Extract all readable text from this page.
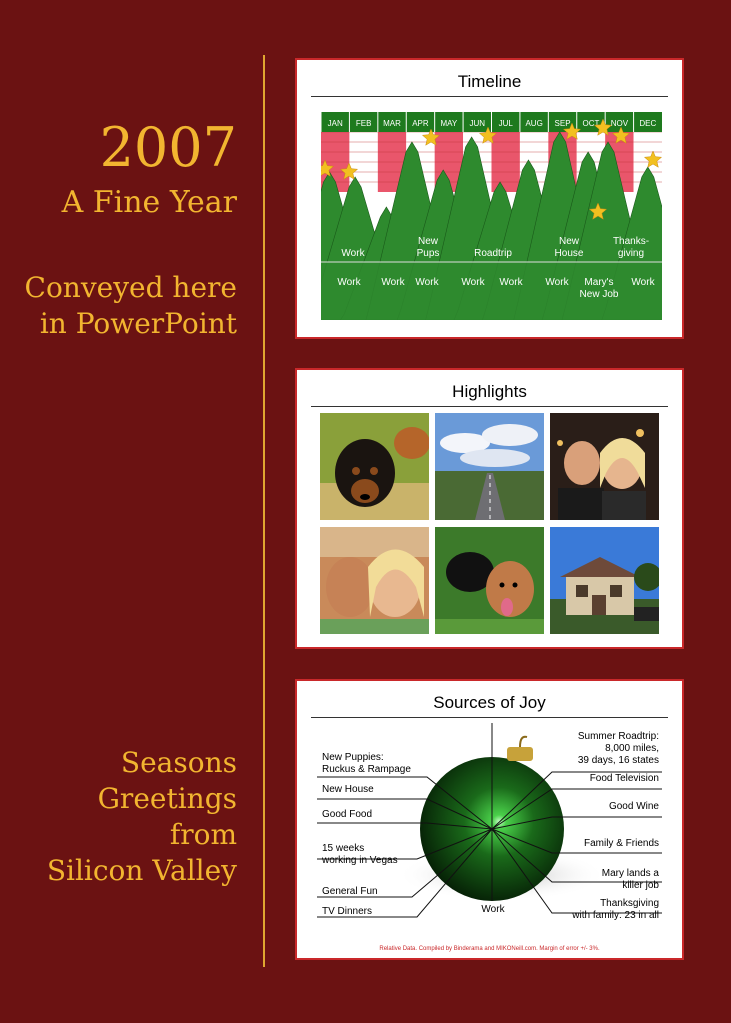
2007
A Fine Year
Conveyed here
in PowerPoint
Seasons
Greetings
from
Silicon Valley
Timeline
JAN FEB MAR APR MAY JUN JUL AUG SEP OCT NOV DEC
Work
New
Pups	Roadtrip
New
House
Thanks-
giving
Work Work Work Work Work Work Mary's
New Job
Work
Highlights
Sources of Joy
New Puppies:
Ruckus & Rampage
New House
Good Food
15 weeks
working in Vegas
General Fun
TV Dinners
Summer Roadtrip:
8,000 miles,
39 days, 16 states
Food Television
Good Wine
Family & Friends
Mary lands a
killer job
Thanksgiving
with family: 23 in all
Work
Relative Data. Compiled by Binderama and MIKONeill.com. Margin of error +/- 3%.
